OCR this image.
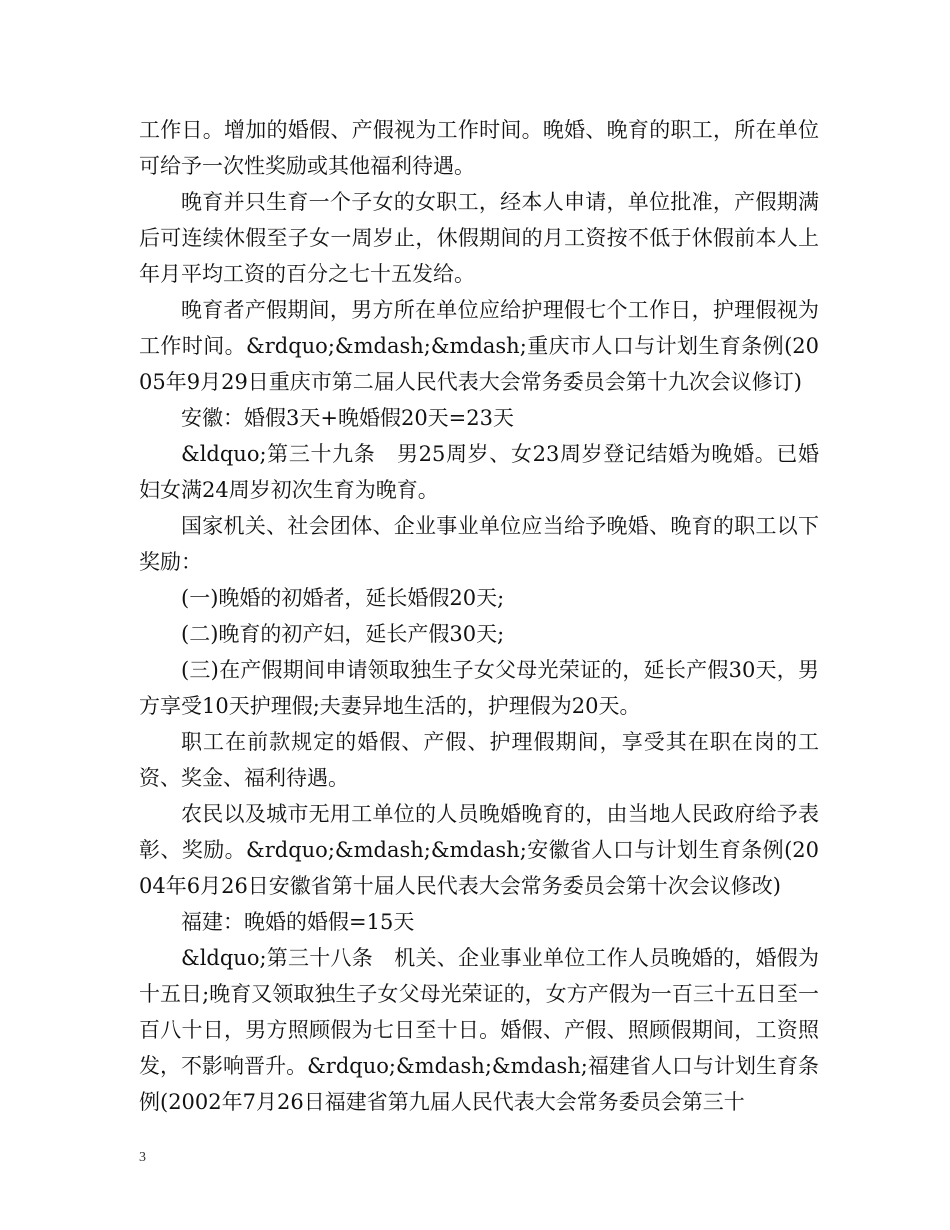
工作日。增加的婚假、产假视为工作时间。晚婚、晚育的职工，所在单位可给予一次性奖励或其他福利待遇。

晚育并只生育一个子女的女职工，经本人申请，单位批准，产假期满后可连续休假至子女一周岁止，休假期间的月工资按不低于休假前本人上年月平均工资的百分之七十五发给。

晚育者产假期间，男方所在单位应给护理假七个工作日，护理假视为工作时间。&rdquo;&mdash;&mdash;重庆市人口与计划生育条例(2005年9月29日重庆市第二届人民代表大会常务委员会第十九次会议修订)

安徽：婚假3天+晚婚假20天=23天

&ldquo;第三十九条　男25周岁、女23周岁登记结婚为晚婚。已婚妇女满24周岁初次生育为晚育。

国家机关、社会团体、企业事业单位应当给予晚婚、晚育的职工以下奖励：

(一)晚婚的初婚者，延长婚假20天;

(二)晚育的初产妇，延长产假30天;

(三)在产假期间申请领取独生子女父母光荣证的，延长产假30天，男方享受10天护理假;夫妻异地生活的，护理假为20天。

职工在前款规定的婚假、产假、护理假期间，享受其在职在岗的工资、奖金、福利待遇。

农民以及城市无用工单位的人员晚婚晚育的，由当地人民政府给予表彰、奖励。&rdquo;&mdash;&mdash;安徽省人口与计划生育条例(2004年6月26日安徽省第十届人民代表大会常务委员会第十次会议修改)

福建：晚婚的婚假=15天

&ldquo;第三十八条　机关、企业事业单位工作人员晚婚的，婚假为十五日;晚育又领取独生子女父母光荣证的，女方产假为一百三十五日至一百八十日，男方照顾假为七日至十日。婚假、产假、照顾假期间，工资照发，不影响晋升。&rdquo;&mdash;&mdash;福建省人口与计划生育条例(2002年7月26日福建省第九届人民代表大会常务委员会第三十

3
